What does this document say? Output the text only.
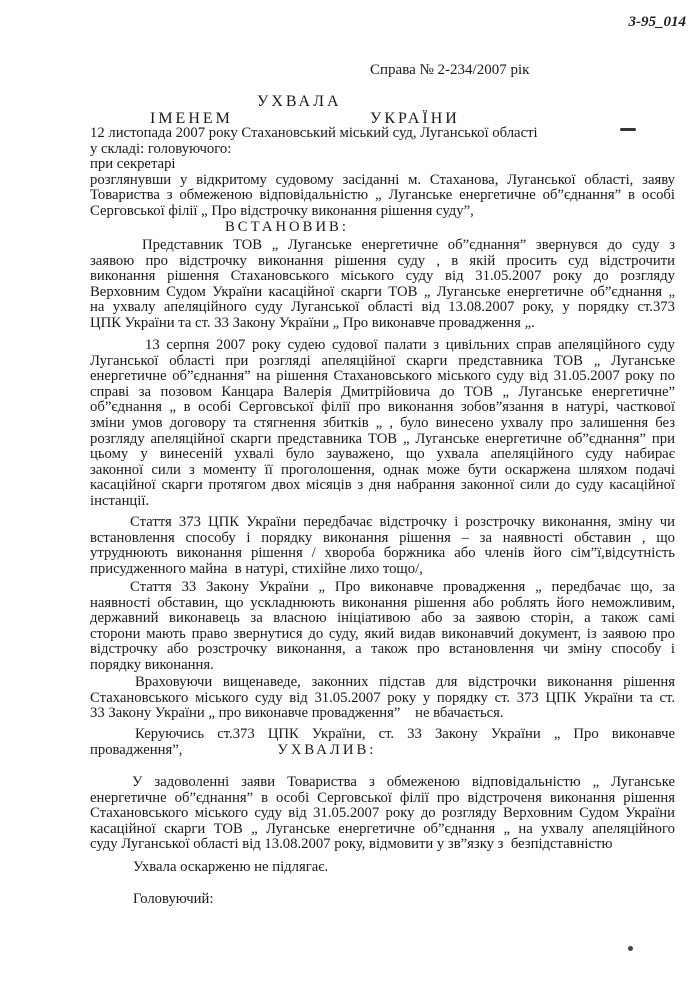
3-95_014
Справа № 2-234/2007 рік
УХВАЛА
ІМЕНЕМ	УКРАЇНИ
12 листопада 2007 року Стахановський міський суд, Луганської області
у складі: головуючого:
при секретарі
розглянувши у відкритому судовому засіданні м. Стаханова, Луганської області, заяву
Товариства з обмеженою відповідальністю „ Луганське енергетичне об”єднання” в особі
Серговської філії „ Про відстрочку виконання рішення суду”,
ВСТАНОВИВ:
Представник ТОВ „ Луганське енергетичне об”єднання” звернувся до суду з
заявою про відстрочку виконання рішення суду , в якій просить суд відстрочити
виконання рішення Стахановського міського суду від 31.05.2007 року до розгляду
Верховним Судом України касаційної скарги ТОВ „ Луганське енергетичне об”єднання „
на ухвалу апеляційного суду Луганської області від 13.08.2007 року, у порядку ст.373
ЦПК України та ст. 33 Закону України „ Про виконавче провадження „.
13 серпня 2007 року судею судової палати з цивільних справ апеляційного суду
Луганської області при розгляді апеляційної скарги представника ТОВ „ Луганське
енергетичне об”єднання” на рішення Стахановського міського суду від 31.05.2007 року по
справі за позовом Канцара Валерія Дмитрійовича до ТОВ „ Луганське енергетичне”
об”єднання „ в особі Серговської філії про виконання зобов”язання в натурі, часткової
зміни умов договору та стягнення збитків „ , було винесено ухвалу про залишення без
розгляду апеляційної скарги представника ТОВ „ Луганське енергетичне об”єднання” при
цьому у винесеній ухвалі було зауважено, що ухвала апеляційного суду набирає
законної сили з моменту її проголошення, однак може бути оскаржена шляхом подачі
касаційної скарги протягом двох місяців з дня набрання законної сили до суду касаційної
інстанції.
Стаття 373 ЦПК України передбачає відстрочку і розстрочку виконання, зміну чи
встановлення способу і порядку виконання рішення – за наявності обставин , що
утруднюють виконання рішення / хвороба боржника або членів його сім”ї,відсутність
присудженного майна  в натурі, стихійне лихо тощо/,
Стаття 33 Закону України „ Про виконавче провадження „ передбачає що, за
наявності обставин, що ускладнюють виконання рішення або роблять його неможливим,
державний виконавець за власною ініціативою або за заявою сторін, а також самі
сторони мають право звернутися до суду, який видав виконавчий документ, із заявою про
відстрочку або розстрочку виконання, а також про встановлення чи зміну способу і
порядку виконання.
Враховуючи вищенаведе, законних підстав для відстрочки виконання рішення
Стахановського міського суду від 31.05.2007 року у порядку ст. 373 ЦПК України та ст.
33 Закону України „ про виконавче провадження”    не вбачається.
Керуючись ст.373 ЦПК України, ст. 33 Закону України „ Про виконавче
провадження”,	УХВАЛИВ:
У задоволенні заяви Товариства з обмеженою відповідальністю „ Луганське
енергетичне об”єднання” в особі Серговської філії про відстроченя виконання рішення
Стахановського міського суду від 31.05.2007 року до розгляду Верховним Судом України
касаційної скарги ТОВ „ Луганське енергетичне об”єднання „ на ухвалу апеляційного
суду Луганської області від 13.08.2007 року, відмовити у зв”язку з  безпідставністю
Ухвала оскарженю не підлягає.
Головуючий:
